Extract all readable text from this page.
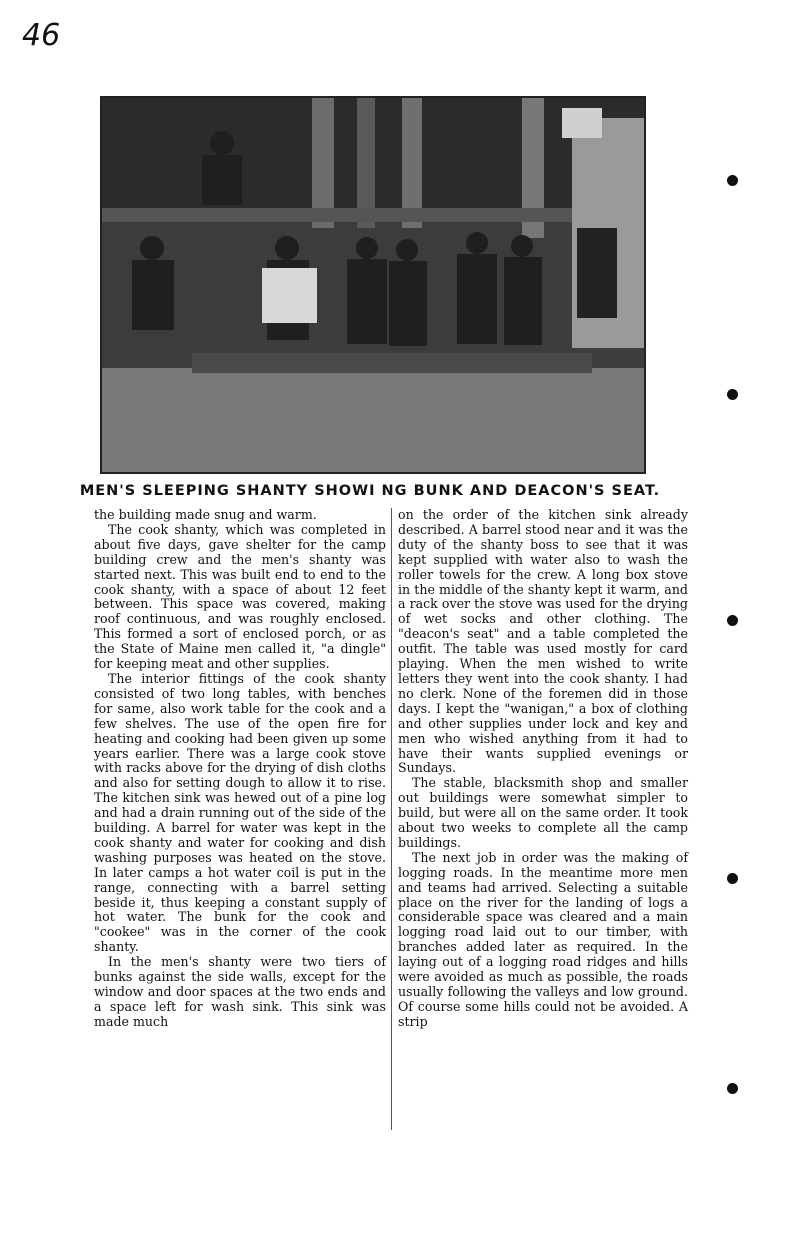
46
MEN'S SLEEPING SHANTY SHOWI NG BUNK AND DEACON'S SEAT.

the building made snug and warm.

The cook shanty, which was completed in about five days, gave shelter for the camp building crew and the men's shanty was started next. This was built end to end to the cook shanty, with a space of about 12 feet between. This space was covered, making roof continuous, and was roughly enclosed. This formed a sort of enclosed porch, or as the State of Maine men called it, "a dingle" for keeping meat and other supplies.

The interior fittings of the cook shanty consisted of two long tables, with benches for same, also work table for the cook and a few shelves. The use of the open fire for heating and cooking had been given up some years earlier. There was a large cook stove with racks above for the drying of dish cloths and also for setting dough to allow it to rise. The kitchen sink was hewed out of a pine log and had a drain running out of the side of the building. A barrel for water was kept in the cook shanty and water for cooking and dish washing purposes was heated on the stove. In later camps a hot water coil is put in the range, connecting with a barrel setting beside it, thus keeping a constant supply of hot water. The bunk for the cook and "cookee" was in the corner of the cook shanty.

In the men's shanty were two tiers of bunks against the side walls, except for the window and door spaces at the two ends and a space left for wash sink. This sink was made much

on the order of the kitchen sink already described. A barrel stood near and it was the duty of the shanty boss to see that it was kept supplied with water also to wash the roller towels for the crew. A long box stove in the middle of the shanty kept it warm, and a rack over the stove was used for the drying of wet socks and other clothing. The "deacon's seat" and a table completed the outfit. The table was used mostly for card playing. When the men wished to write letters they went into the cook shanty. I had no clerk. None of the foremen did in those days. I kept the "wanigan," a box of clothing and other supplies under lock and key and men who wished anything from it had to have their wants supplied evenings or Sundays.

The stable, blacksmith shop and smaller out buildings were somewhat simpler to build, but were all on the same order. It took about two weeks to complete all the camp buildings.

The next job in order was the making of logging roads. In the meantime more men and teams had arrived. Selecting a suitable place on the river for the landing of logs a considerable space was cleared and a main logging road laid out to our timber, with branches added later as required. In the laying out of a logging road ridges and hills were avoided as much as possible, the roads usually following the valleys and low ground. Of course some hills could not be avoided. A strip
